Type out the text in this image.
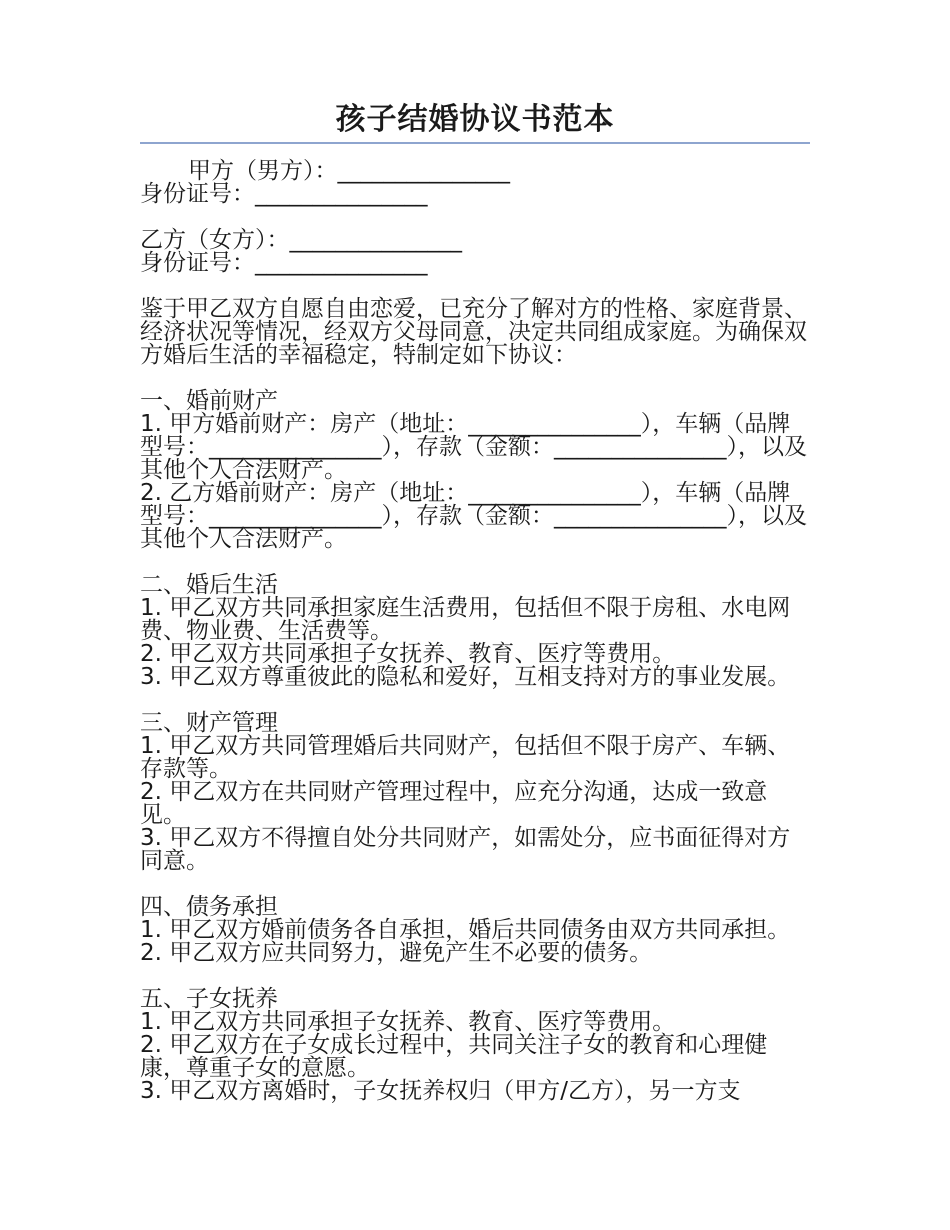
孩子结婚协议书范本
甲方（男方）：_______________
身份证号：_______________
乙方（女方）：_______________
身份证号：_______________
鉴于甲乙双方自愿自由恋爱，已充分了解对方的性格、家庭背景、经济状况等情况，经双方父母同意，决定共同组成家庭。为确保双方婚后生活的幸福稳定，特制定如下协议：
一、婚前财产
1. 甲方婚前财产：房产（地址：_______________），车辆（品牌型号：_______________），存款（金额：_______________），以及其他个人合法财产。
2. 乙方婚前财产：房产（地址：_______________），车辆（品牌型号：_______________），存款（金额：_______________），以及其他个人合法财产。
二、婚后生活
1. 甲乙双方共同承担家庭生活费用，包括但不限于房租、水电网费、物业费、生活费等。
2. 甲乙双方共同承担子女抚养、教育、医疗等费用。
3. 甲乙双方尊重彼此的隐私和爱好，互相支持对方的事业发展。
三、财产管理
1. 甲乙双方共同管理婚后共同财产，包括但不限于房产、车辆、存款等。
2. 甲乙双方在共同财产管理过程中，应充分沟通，达成一致意见。
3. 甲乙双方不得擅自处分共同财产，如需处分，应书面征得对方同意。
四、债务承担
1. 甲乙双方婚前债务各自承担，婚后共同债务由双方共同承担。
2. 甲乙双方应共同努力，避免产生不必要的债务。
五、子女抚养
1. 甲乙双方共同承担子女抚养、教育、医疗等费用。
2. 甲乙双方在子女成长过程中，共同关注子女的教育和心理健康，尊重子女的意愿。
3. 甲乙双方离婚时，子女抚养权归（甲方/乙方），另一方支
